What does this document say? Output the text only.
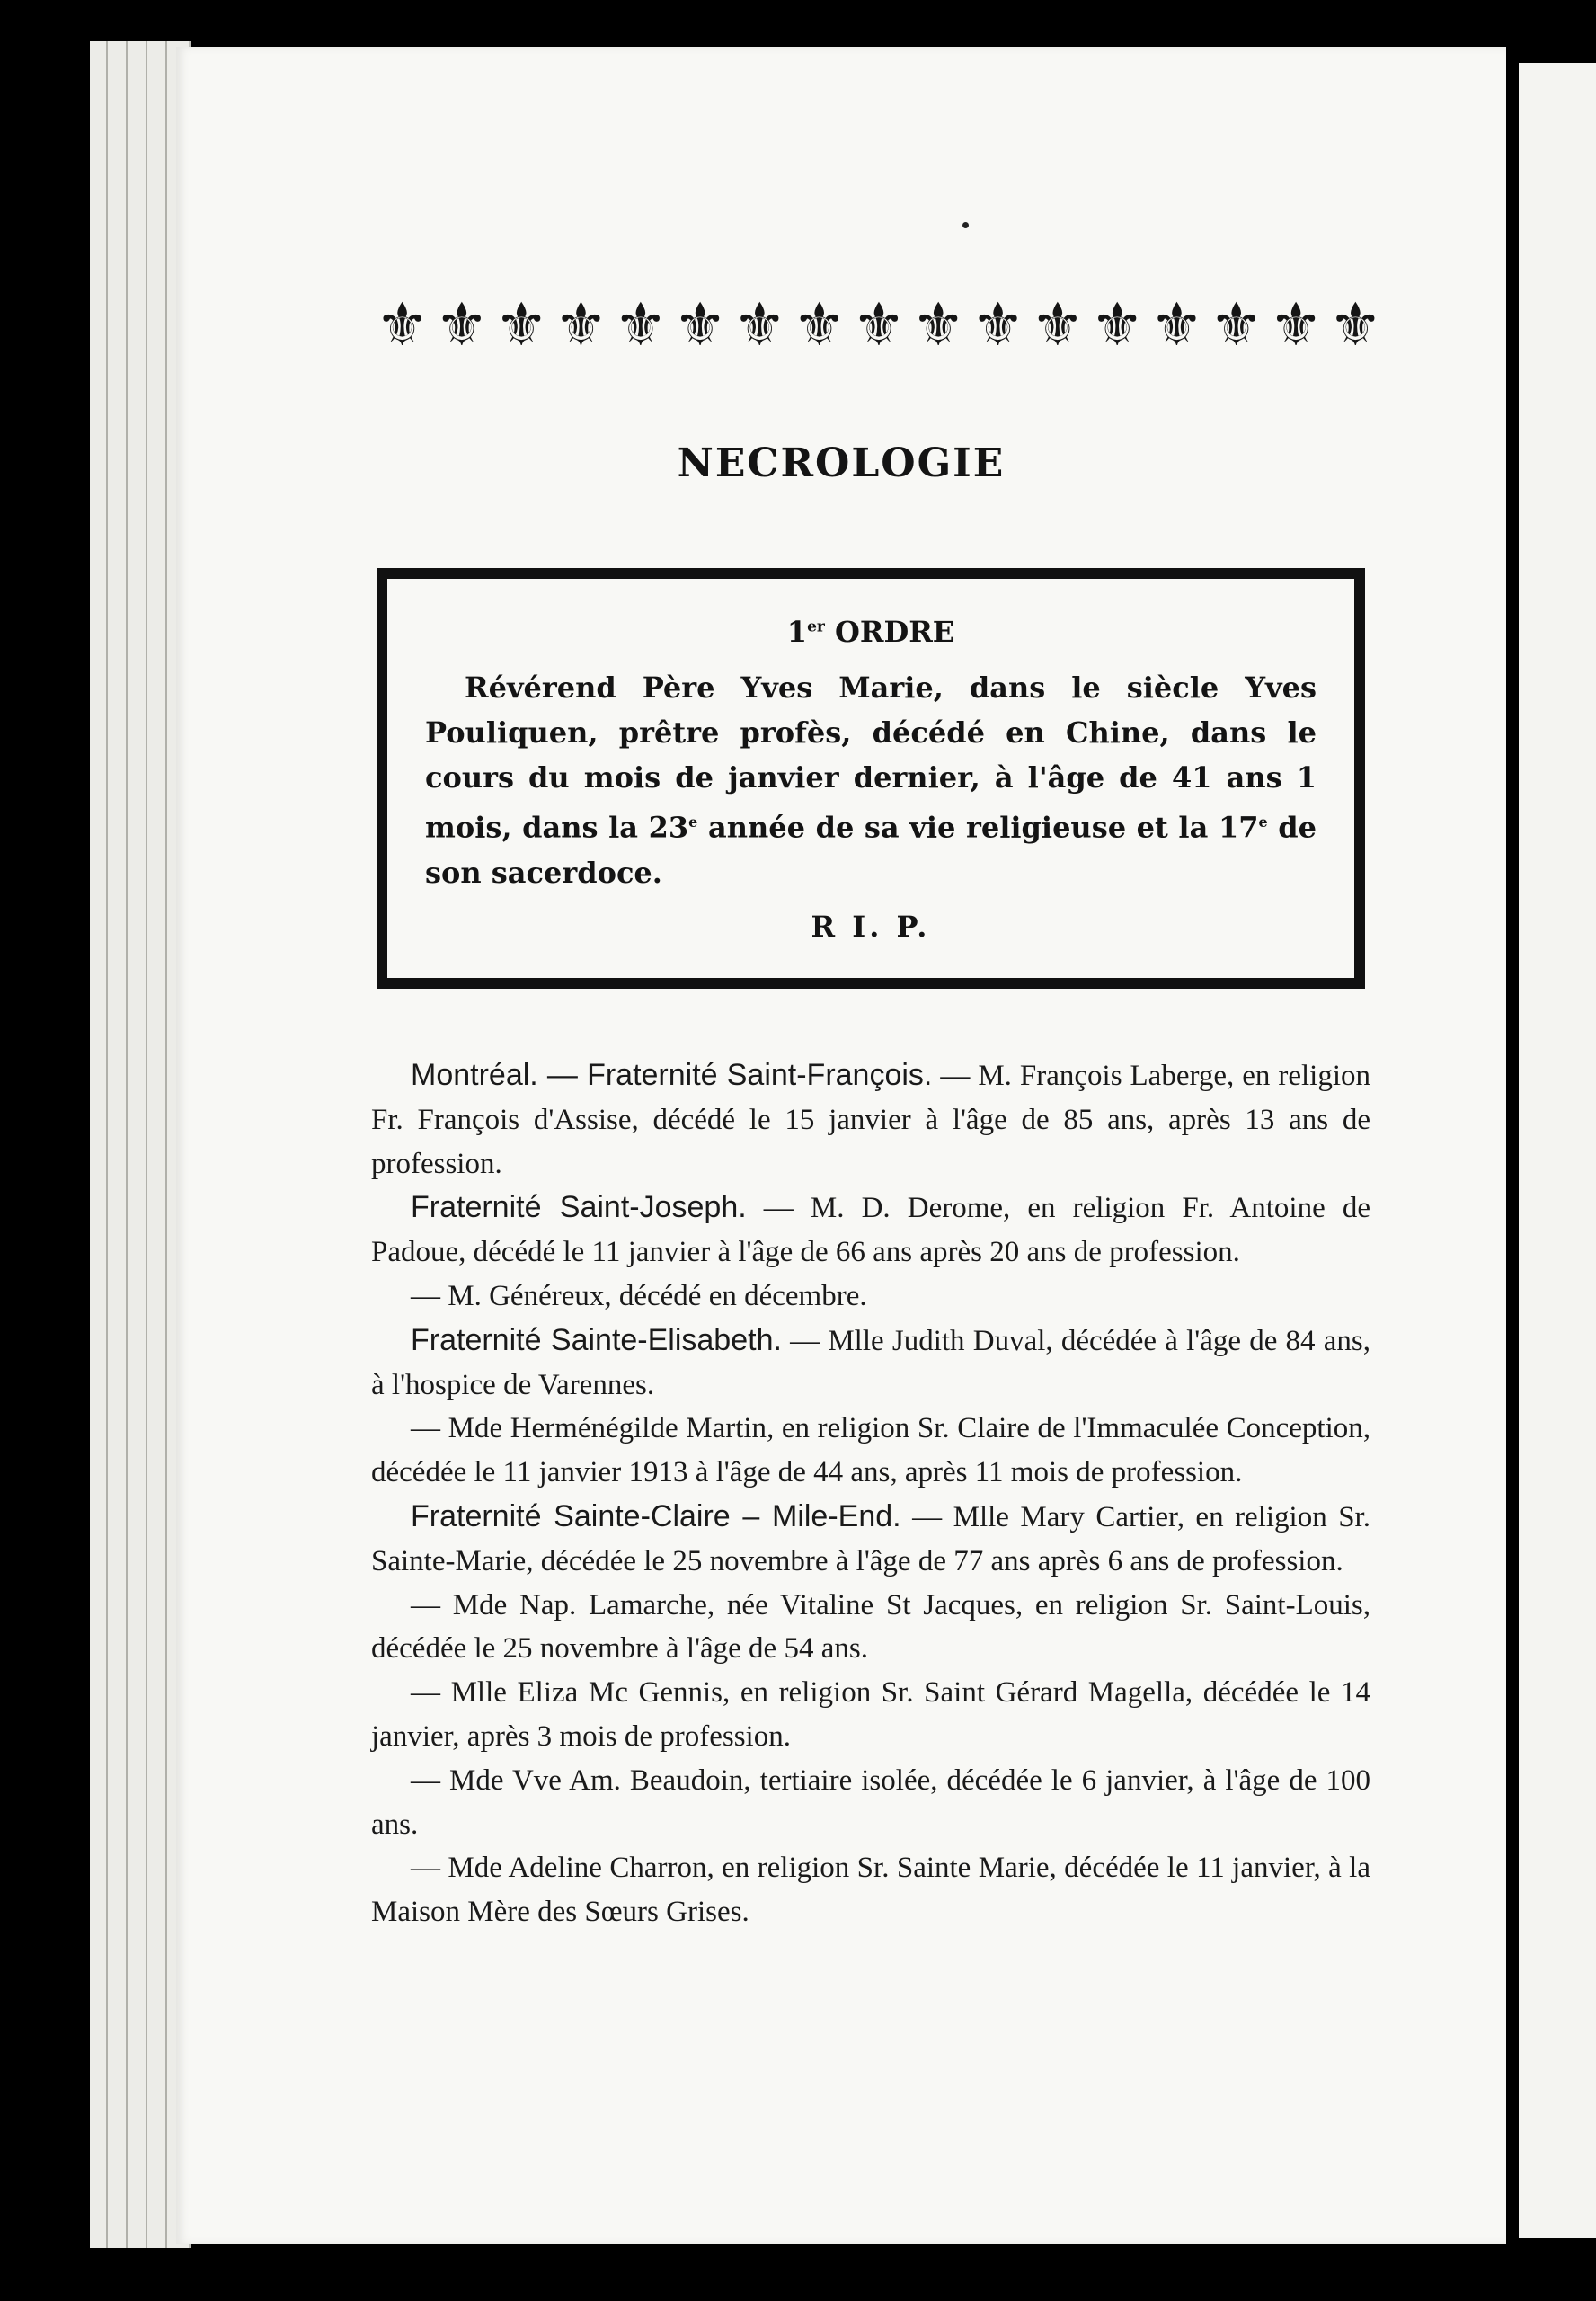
⚜ ⚜ ⚜ ⚜ ⚜ ⚜ ⚜ ⚜ ⚜ ⚜ ⚜ ⚜ ⚜ ⚜ ⚜ ⚜ ⚜
NECROLOGIE
1er ORDRE
Révérend Père Yves Marie, dans le siècle Yves Pouliquen, prêtre profès, décédé en Chine, dans le cours du mois de janvier dernier, à l'âge de 41 ans 1 mois, dans la 23e année de sa vie religieuse et la 17e de son sacerdoce.
R I. P.

Montréal. — Fraternité Saint-François. — M. François Laberge, en religion Fr. François d'Assise, décédé le 15 janvier à l'âge de 85 ans, après 13 ans de profession.

Fraternité Saint-Joseph. — M. D. Derome, en religion Fr. Antoine de Padoue, décédé le 11 janvier à l'âge de 66 ans après 20 ans de profession.

— M. Généreux, décédé en décembre.

Fraternité Sainte-Elisabeth. — Mlle Judith Duval, décédée à l'âge de 84 ans, à l'hospice de Varennes.

— Mde Herménégilde Martin, en religion Sr. Claire de l'Immaculée Conception, décédée le 11 janvier 1913 à l'âge de 44 ans, après 11 mois de profession.

Fraternité Sainte-Claire – Mile-End. — Mlle Mary Cartier, en religion Sr. Sainte-Marie, décédée le 25 novembre à l'âge de 77 ans après 6 ans de profession.

— Mde Nap. Lamarche, née Vitaline St Jacques, en religion Sr. Saint-Louis, décédée le 25 novembre à l'âge de 54 ans.

— Mlle Eliza Mc Gennis, en religion Sr. Saint Gérard Magella, décédée le 14 janvier, après 3 mois de profession.

— Mde Vve Am. Beaudoin, tertiaire isolée, décédée le 6 janvier, à l'âge de 100 ans.

— Mde Adeline Charron, en religion Sr. Sainte Marie, décédée le 11 janvier, à la Maison Mère des Sœurs Grises.
